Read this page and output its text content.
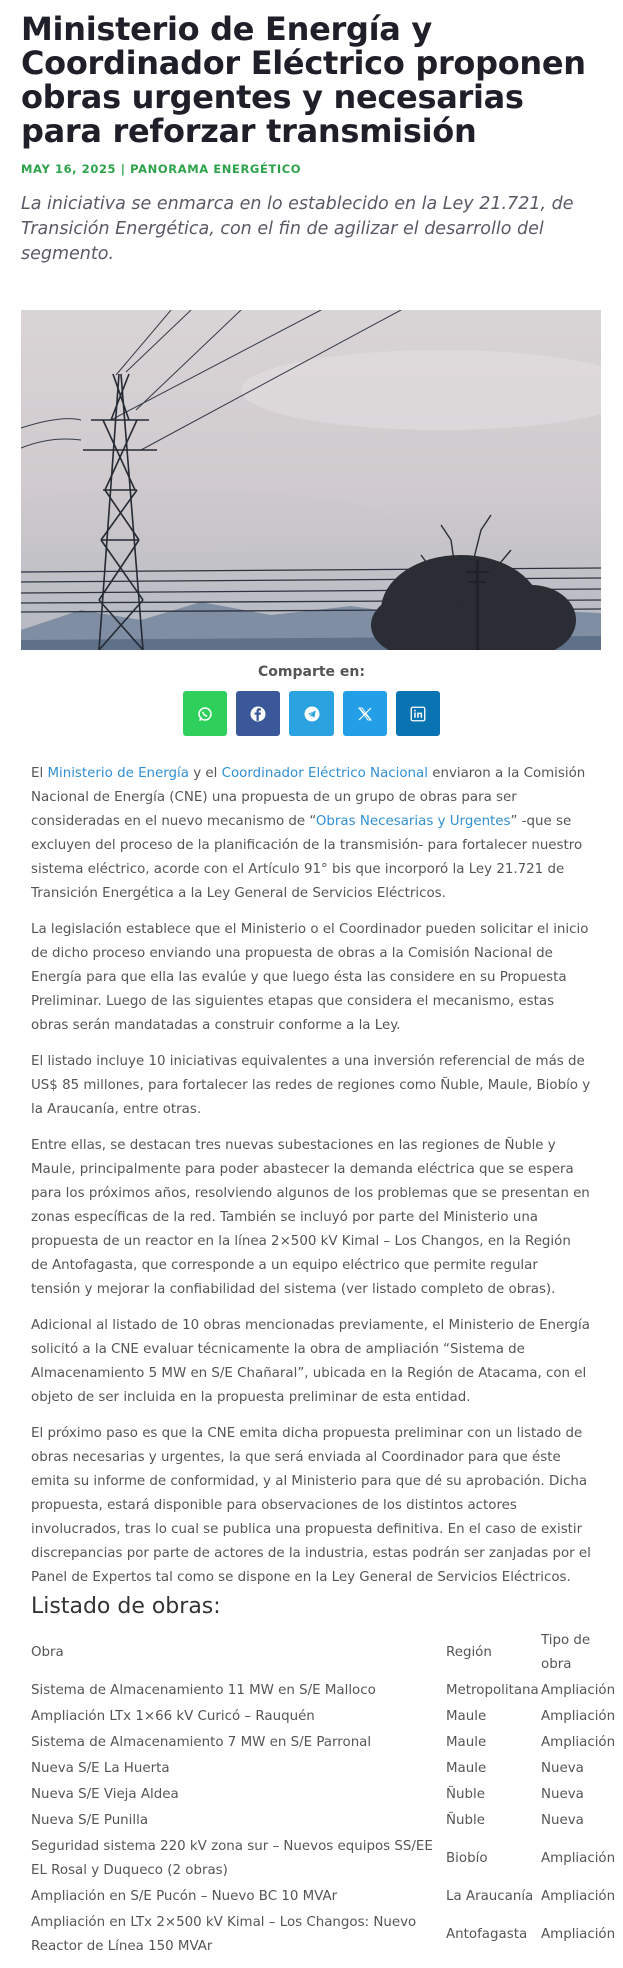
Ministerio de Energía y Coordinador Eléctrico proponen obras urgentes y necesarias para reforzar transmisión
MAY 16, 2025 | PANORAMA ENERGÉTICO

La iniciativa se enmarca en lo establecido en la Ley 21.721, de Transición Energética, con el fin de agilizar el desarrollo del segmento.

Comparte en:

El Ministerio de Energía y el Coordinador Eléctrico Nacional enviaron a la Comisión Nacional de Energía (CNE) una propuesta de un grupo de obras para ser consideradas en el nuevo mecanismo de “Obras Necesarias y Urgentes” -que se excluyen del proceso de la planificación de la transmisión- para fortalecer nuestro sistema eléctrico, acorde con el Artículo 91° bis que incorporó la Ley 21.721 de Transición Energética a la Ley General de Servicios Eléctricos.

La legislación establece que el Ministerio o el Coordinador pueden solicitar el inicio de dicho proceso enviando una propuesta de obras a la Comisión Nacional de Energía para que ella las evalúe y que luego ésta las considere en su Propuesta Preliminar. Luego de las siguientes etapas que considera el mecanismo, estas obras serán mandatadas a construir conforme a la Ley.

El listado incluye 10 iniciativas equivalentes a una inversión referencial de más de US$ 85 millones, para fortalecer las redes de regiones como Ñuble, Maule, Biobío y la Araucanía, entre otras.

Entre ellas, se destacan tres nuevas subestaciones en las regiones de Ñuble y Maule, principalmente para poder abastecer la demanda eléctrica que se espera para los próximos años, resolviendo algunos de los problemas que se presentan en zonas específicas de la red. También se incluyó por parte del Ministerio una propuesta de un reactor en la línea 2×500 kV Kimal – Los Changos, en la Región de Antofagasta, que corresponde a un equipo eléctrico que permite regular tensión y mejorar la confiabilidad del sistema (ver listado completo de obras).

Adicional al listado de 10 obras mencionadas previamente, el Ministerio de Energía solicitó a la CNE evaluar técnicamente la obra de ampliación “Sistema de Almacenamiento 5 MW en S/E Chañaral”, ubicada en la Región de Atacama, con el objeto de ser incluida en la propuesta preliminar de esta entidad.

El próximo paso es que la CNE emita dicha propuesta preliminar con un listado de obras necesarias y urgentes, la que será enviada al Coordinador para que éste emita su informe de conformidad, y al Ministerio para que dé su aprobación. Dicha propuesta, estará disponible para observaciones de los distintos actores involucrados, tras lo cual se publica una propuesta definitiva. En el caso de existir discrepancias por parte de actores de la industria, estas podrán ser zanjadas por el Panel de Expertos tal como se dispone en la Ley General de Servicios Eléctricos.

Listado de obras:
Obra	Región	Tipo de obra
Sistema de Almacenamiento 11 MW en S/E Malloco	Metropolitana	Ampliación
Ampliación LTx 1×66 kV Curicó – Rauquén	Maule	Ampliación
Sistema de Almacenamiento 7 MW en S/E Parronal	Maule	Ampliación
Nueva S/E La Huerta	Maule	Nueva
Nueva S/E Vieja Aldea	Ñuble	Nueva
Nueva S/E Punilla	Ñuble	Nueva
Seguridad sistema 220 kV zona sur – Nuevos equipos SS/EE EL Rosal y Duqueco (2 obras)	Biobío	Ampliación
Ampliación en S/E Pucón – Nuevo BC 10 MVAr	La Araucanía	Ampliación
Ampliación en LTx 2×500 kV Kimal – Los Changos: Nuevo Reactor de Línea 150 MVAr	Antofagasta	Ampliación
